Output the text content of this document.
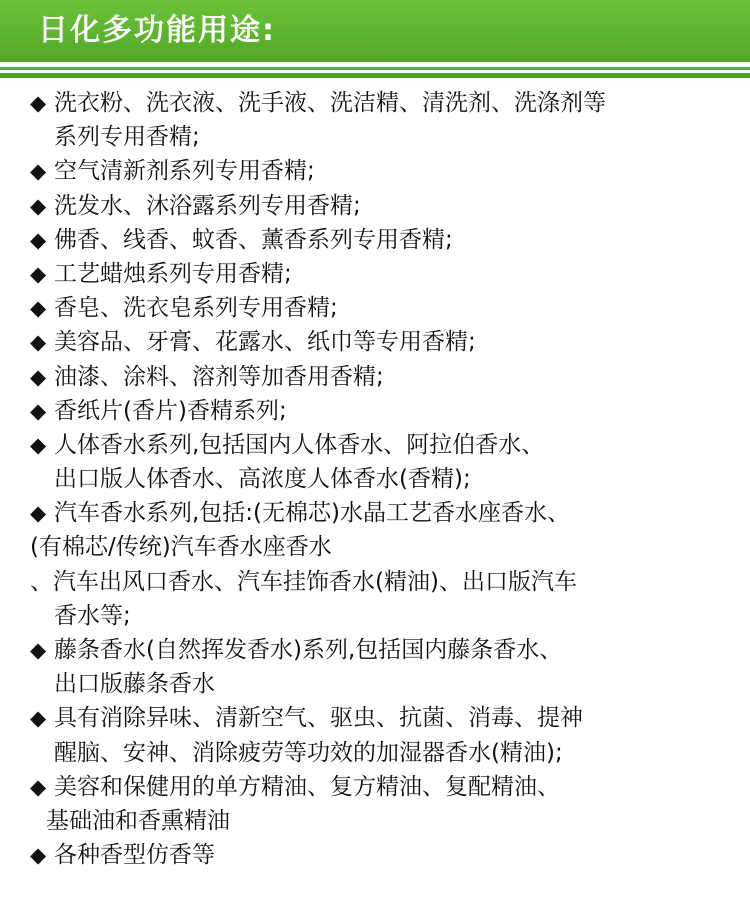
日化多功能用途:
◆ 洗衣粉、洗衣液、洗手液、洗洁精、清洗剂、洗涤剂等
系列专用香精;
◆ 空气清新剂系列专用香精;
◆ 洗发水、沐浴露系列专用香精;
◆ 佛香、线香、蚊香、薰香系列专用香精;
◆ 工艺蜡烛系列专用香精;
◆ 香皂、洗衣皂系列专用香精;
◆ 美容品、牙膏、花露水、纸巾等专用香精;
◆ 油漆、涂料、溶剂等加香用香精;
◆ 香纸片(香片)香精系列;
◆ 人体香水系列,包括国内人体香水、阿拉伯香水、
出口版人体香水、高浓度人体香水(香精);
◆ 汽车香水系列,包括:(无棉芯)水晶工艺香水座香水、
(有棉芯/传统)汽车香水座香水
、汽车出风口香水、汽车挂饰香水(精油)、出口版汽车
香水等;
◆ 藤条香水(自然挥发香水)系列,包括国内藤条香水、
出口版藤条香水
◆ 具有消除异味、清新空气、驱虫、抗菌、消毒、提神
醒脑、安神、消除疲劳等功效的加湿器香水(精油);
◆ 美容和保健用的单方精油、复方精油、复配精油、
基础油和香熏精油
◆ 各种香型仿香等
